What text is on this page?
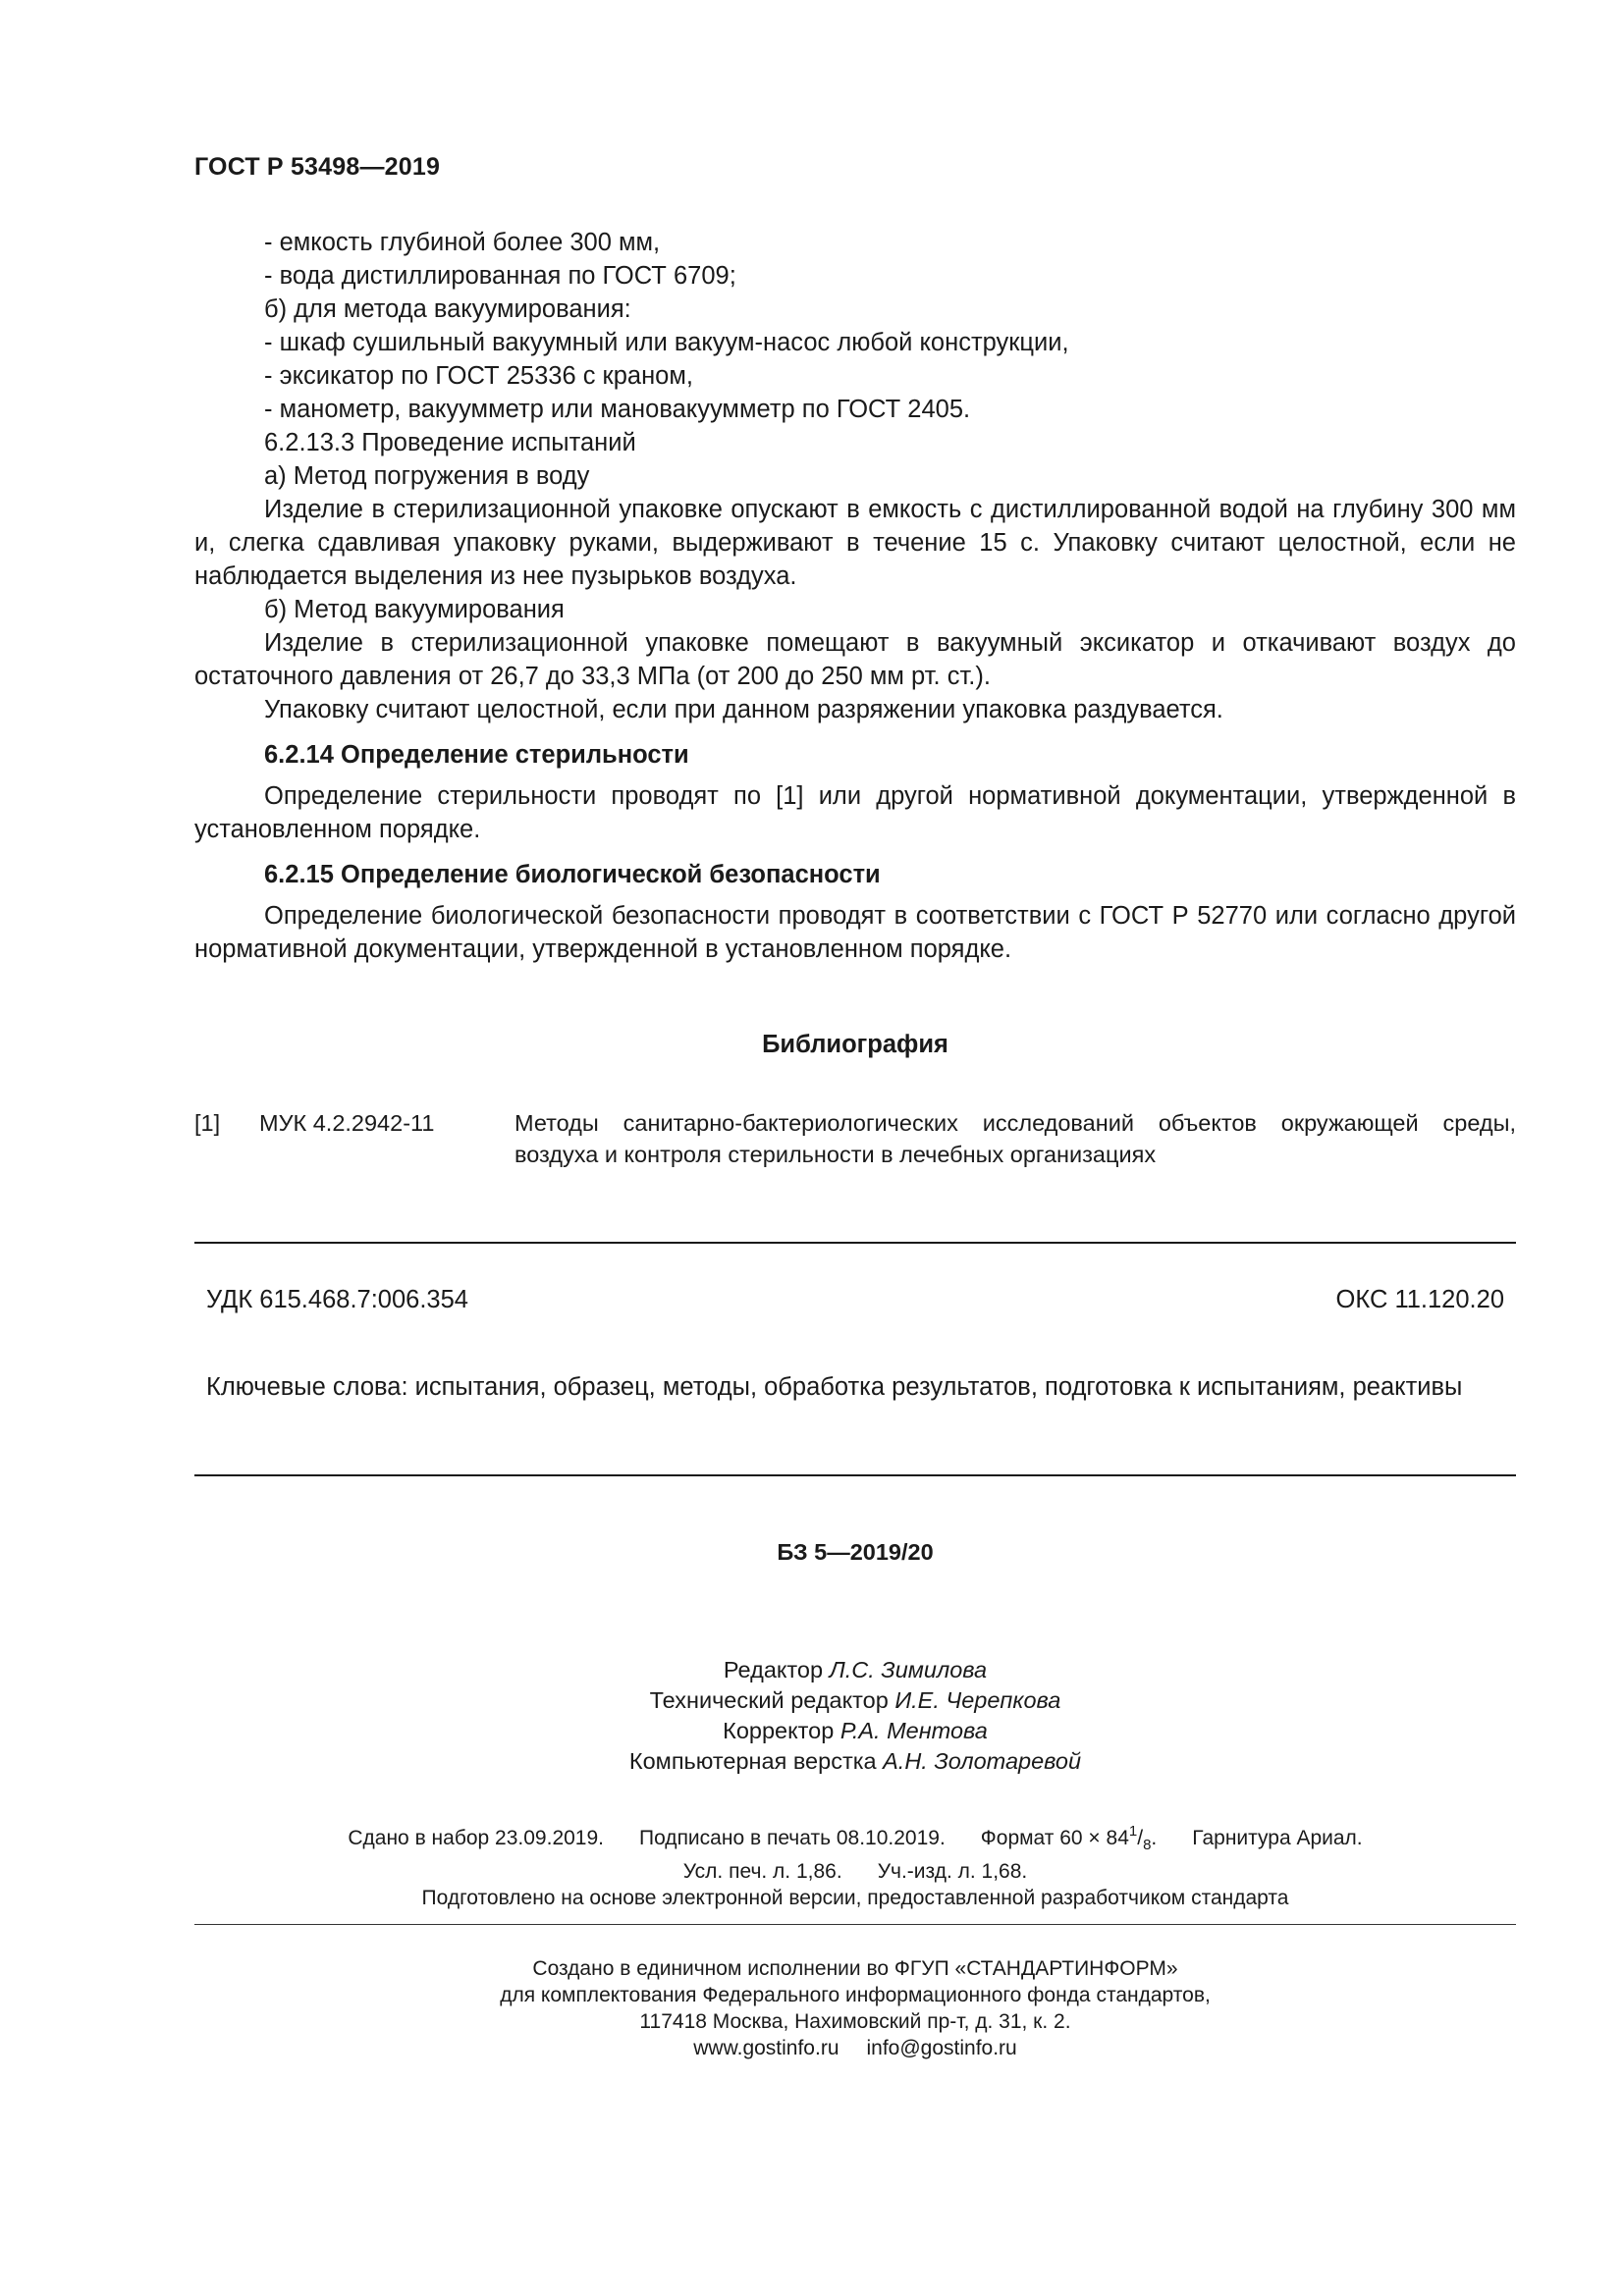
ГОСТ Р 53498—2019
- емкость глубиной более 300 мм,
- вода дистиллированная по ГОСТ 6709;
б) для метода вакуумирования:
- шкаф сушильный вакуумный или вакуум-насос любой конструкции,
- эксикатор по ГОСТ 25336 с краном,
- манометр, вакуумметр или мановакуумметр по ГОСТ 2405.
6.2.13.3 Проведение испытаний
а) Метод погружения в воду
Изделие в стерилизационной упаковке опускают в емкость с дистиллированной водой на глубину 300 мм и, слегка сдавливая упаковку руками, выдерживают в течение 15 с. Упаковку считают целостной, если не наблюдается выделения из нее пузырьков воздуха.
б) Метод вакуумирования
Изделие в стерилизационной упаковке помещают в вакуумный эксикатор и откачивают воздух до остаточного давления от 26,7 до 33,3 МПа (от 200 до 250 мм рт. ст.).
Упаковку считают целостной, если при данном разряжении упаковка раздувается.
6.2.14 Определение стерильности
Определение стерильности проводят по [1] или другой нормативной документации, утвержденной в установленном порядке.
6.2.15 Определение биологической безопасности
Определение биологической безопасности проводят в соответствии с ГОСТ Р 52770 или согласно другой нормативной документации, утвержденной в установленном порядке.
Библиография
[1] МУК 4.2.2942-11	Методы санитарно-бактериологических исследований объектов окружающей среды, воздуха и контроля стерильности в лечебных организациях
УДК 615.468.7:006.354	ОКС 11.120.20
Ключевые слова: испытания, образец, методы, обработка результатов, подготовка к испытаниям, реактивы
БЗ 5—2019/20
Редактор Л.С. Зимилова
Технический редактор И.Е. Черепкова
Корректор Р.А. Ментова
Компьютерная верстка А.Н. Золотаревой
Сдано в набор 23.09.2019. Подписано в печать 08.10.2019. Формат $60 \times 84^1/_8$. Гарнитура Ариал.
Усл. печ. л. 1,86. Уч.-изд. л. 1,68.
Подготовлено на основе электронной версии, предоставленной разработчиком стандарта
Создано в единичном исполнении во ФГУП «СТАНДАРТИНФОРМ»
для комплектования Федерального информационного фонда стандартов,
117418 Москва, Нахимовский пр-т, д. 31, к. 2.
www.gostinfo.ru info@gostinfo.ru
